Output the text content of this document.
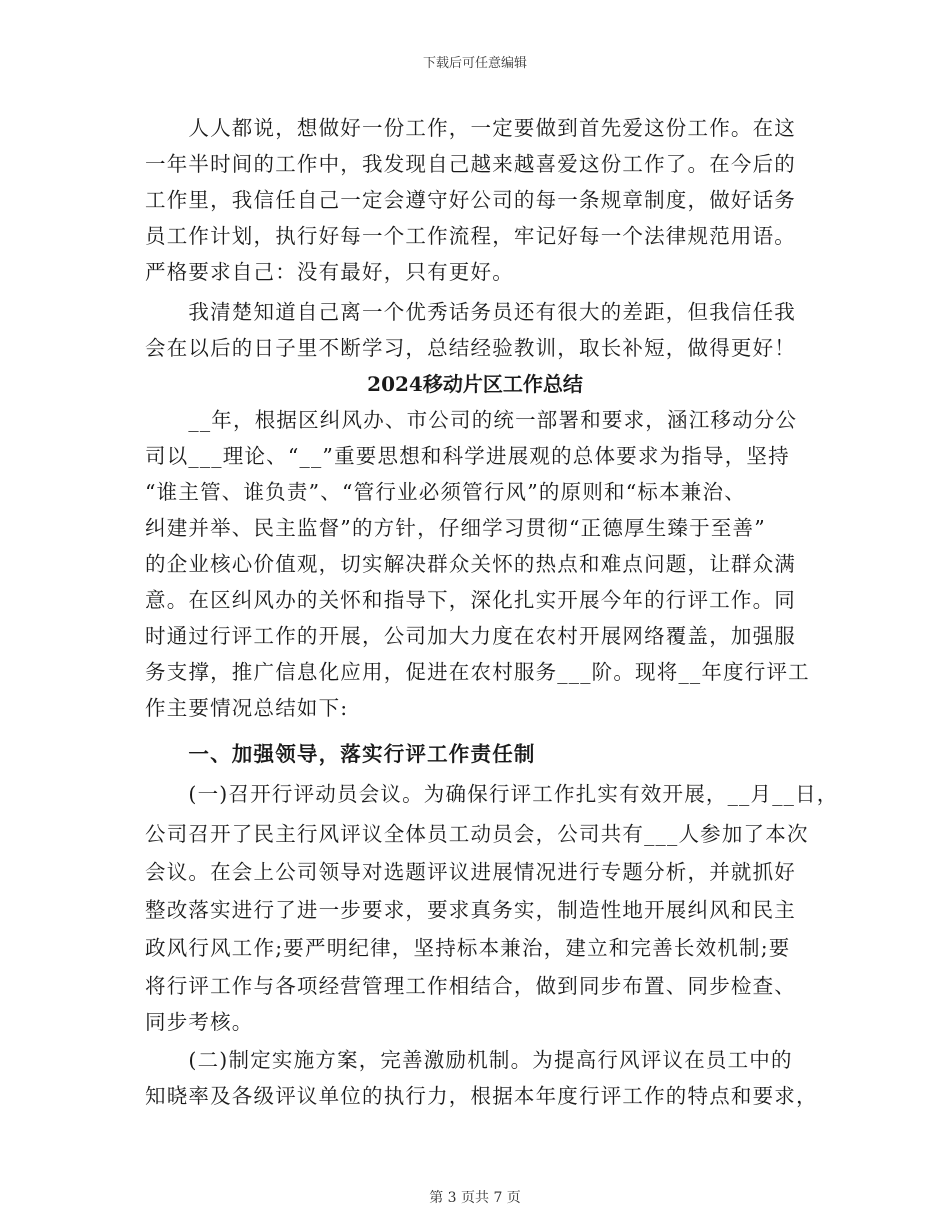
下载后可任意编辑
　　人人都说，想做好一份工作，一定要做到首先爱这份工作。在这
一年半时间的工作中，我发现自己越来越喜爱这份工作了。在今后的
工作里，我信任自己一定会遵守好公司的每一条规章制度，做好话务
员工作计划，执行好每一个工作流程，牢记好每一个法律规范用语。
严格要求自己：没有最好，只有更好。
　　我清楚知道自己离一个优秀话务员还有很大的差距，但我信任我
会在以后的日子里不断学习，总结经验教训，取长补短，做得更好！
2024移动片区工作总结
　　__年，根据区纠风办、市公司的统一部署和要求，涵江移动分公
司以___理论、“__”重要思想和科学进展观的总体要求为指导，坚持
“谁主管、谁负责”、“管行业必须管行风”的原则和“标本兼治、
纠建并举、民主监督”的方针，仔细学习贯彻“正德厚生臻于至善”
的企业核心价值观，切实解决群众关怀的热点和难点问题，让群众满
意。在区纠风办的关怀和指导下，深化扎实开展今年的行评工作。同
时通过行评工作的开展，公司加大力度在农村开展网络覆盖，加强服
务支撑，推广信息化应用，促进在农村服务___阶。现将__年度行评工
作主要情况总结如下:
　　一、加强领导，落实行评工作责任制
　　(一)召开行评动员会议。为确保行评工作扎实有效开展，__月__日，
公司召开了民主行风评议全体员工动员会，公司共有___人参加了本次
会议。在会上公司领导对选题评议进展情况进行专题分析，并就抓好
整改落实进行了进一步要求，要求真务实，制造性地开展纠风和民主
政风行风工作;要严明纪律，坚持标本兼治，建立和完善长效机制;要
将行评工作与各项经营管理工作相结合，做到同步布置、同步检查、
同步考核。
　　(二)制定实施方案，完善激励机制。为提高行风评议在员工中的
知晓率及各级评议单位的执行力，根据本年度行评工作的特点和要求，
第 3 页共 7 页
